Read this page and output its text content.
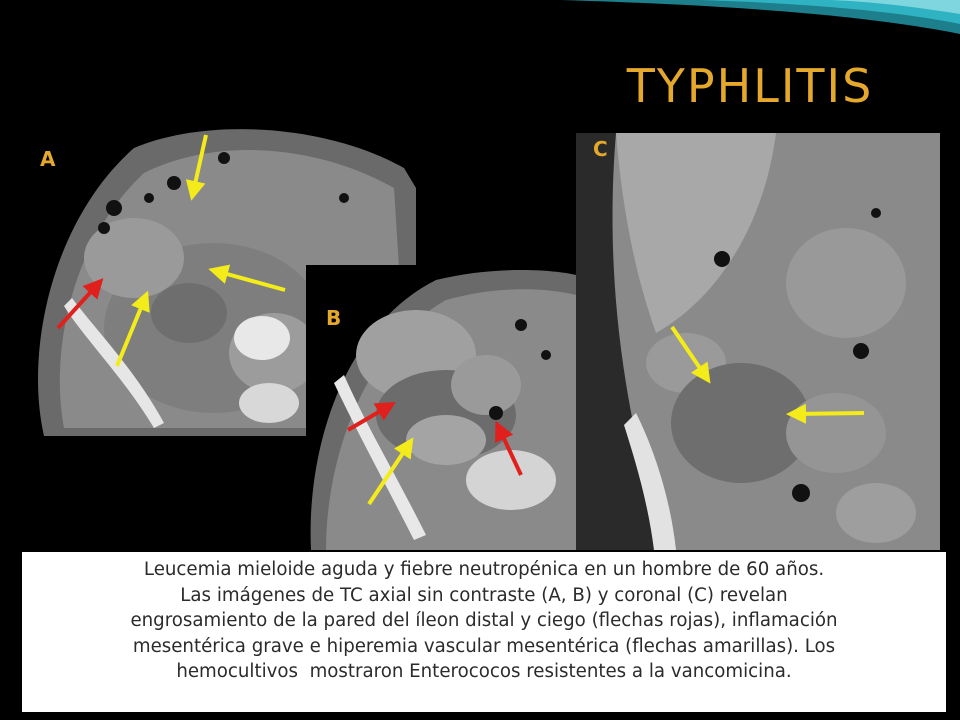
TYPHLITIS
A
B
C
Leucemia mieloide aguda y fiebre neutropénica en un hombre de 60 años.
Las imágenes de TC axial sin contraste (A, B) y coronal (C) revelan
engrosamiento de la pared del íleon distal y ciego (flechas rojas), inflamación
mesentérica grave e hiperemia vascular mesentérica (flechas amarillas). Los
hemocultivos  mostraron Enterococos resistentes a la vancomicina.
